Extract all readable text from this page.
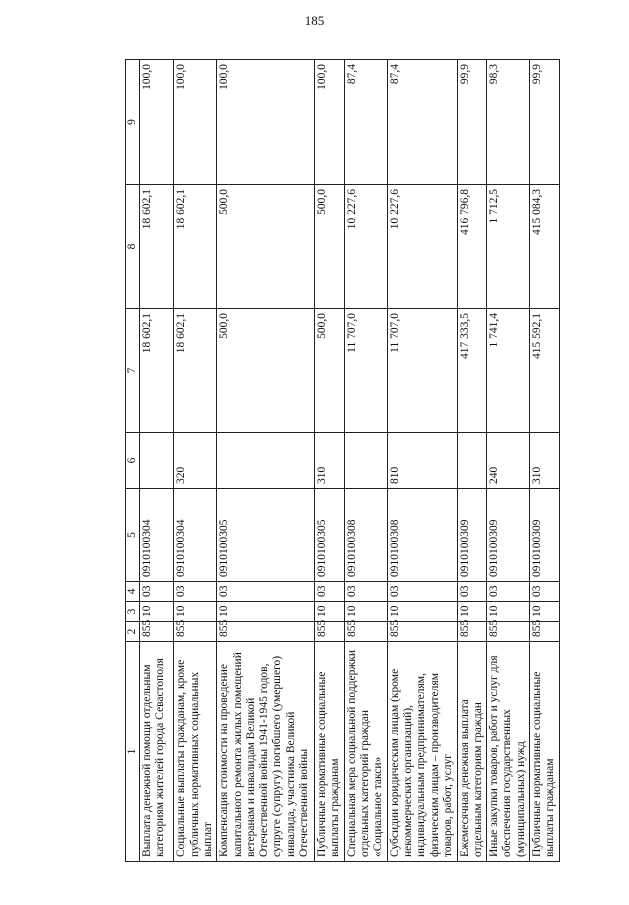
185
1	2	3	4	5	6	7	8	9
Выплата денежной помощи отдельным категориям жителей города Севастополя	855	10	03	0910100304		18 602,1	18 602,1	100,0
Социальные выплаты гражданам, кроме публичных нормативных социальных выплат	855	10	03	0910100304	320	18 602,1	18 602,1	100,0
Компенсация стоимости на проведение капитального ремонта жилых помещений ветеранам и инвалидам Великой Отечественной войны 1941-1945 годов, супруге (супругу) погибшего (умершего) инвалида, участника Великой Отечественной войны	855	10	03	0910100305		500,0	500,0	100,0
Публичные нормативные социальные выплаты гражданам	855	10	03	0910100305	310	500,0	500,0	100,0
Специальная мера социальной поддержки отдельных категорий граждан «Социальное такси»	855	10	03	0910100308		11 707,0	10 227,6	87,4
Субсидии юридическим лицам (кроме некоммерческих организаций), индивидуальным предпринимателям, физическим лицам – производителям товаров, работ, услуг	855	10	03	0910100308	810	11 707,0	10 227,6	87,4
Ежемесячная денежная выплата отдельным категориям граждан	855	10	03	0910100309		417 333,5	416 796,8	99,9
Иные закупки товаров, работ и услуг для обеспечения государственных (муниципальных) нужд	855	10	03	0910100309	240	1 741,4	1 712,5	98,3
Публичные нормативные социальные выплаты гражданам	855	10	03	0910100309	310	415 592,1	415 084,3	99,9
